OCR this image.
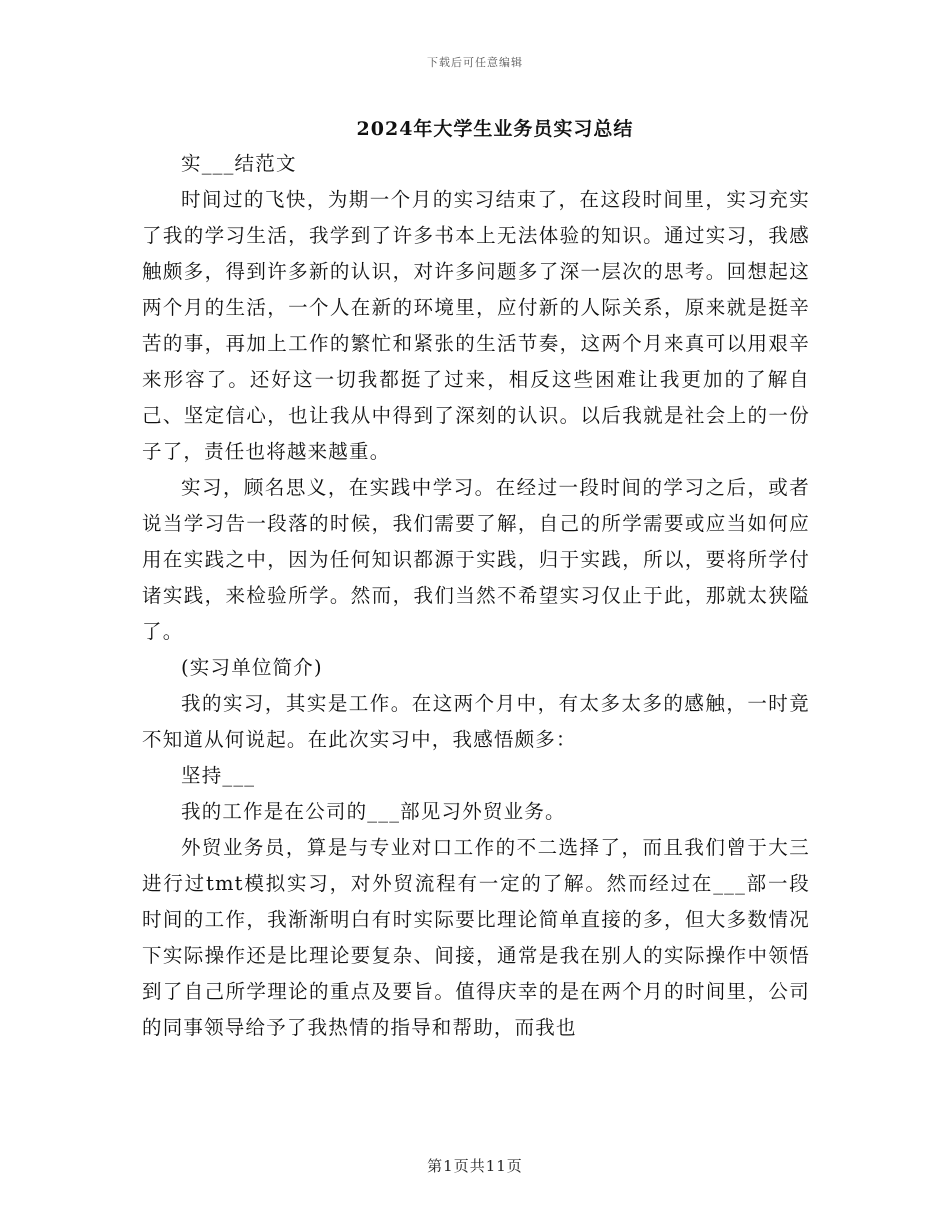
下载后可任意编辑
2024年大学生业务员实习总结

实___结范文

时间过的飞快，为期一个月的实习结束了，在这段时间里，实习充实了我的学习生活，我学到了许多书本上无法体验的知识。通过实习，我感触颇多，得到许多新的认识，对许多问题多了深一层次的思考。回想起这两个月的生活，一个人在新的环境里，应付新的人际关系，原来就是挺辛苦的事，再加上工作的繁忙和紧张的生活节奏，这两个月来真可以用艰辛来形容了。还好这一切我都挺了过来，相反这些困难让我更加的了解自己、坚定信心，也让我从中得到了深刻的认识。以后我就是社会上的一份子了，责任也将越来越重。

实习，顾名思义，在实践中学习。在经过一段时间的学习之后，或者说当学习告一段落的时候，我们需要了解，自己的所学需要或应当如何应用在实践之中，因为任何知识都源于实践，归于实践，所以，要将所学付诸实践，来检验所学。然而，我们当然不希望实习仅止于此，那就太狭隘了。

(实习单位简介)

我的实习，其实是工作。在这两个月中，有太多太多的感触，一时竟不知道从何说起。在此次实习中，我感悟颇多：

坚持___

我的工作是在公司的___部见习外贸业务。

外贸业务员，算是与专业对口工作的不二选择了，而且我们曾于大三进行过tmt模拟实习，对外贸流程有一定的了解。然而经过在___部一段时间的工作，我渐渐明白有时实际要比理论简单直接的多，但大多数情况下实际操作还是比理论要复杂、间接，通常是我在别人的实际操作中领悟到了自己所学理论的重点及要旨。值得庆幸的是在两个月的时间里，公司的同事领导给予了我热情的指导和帮助，而我也

第1页共11页
